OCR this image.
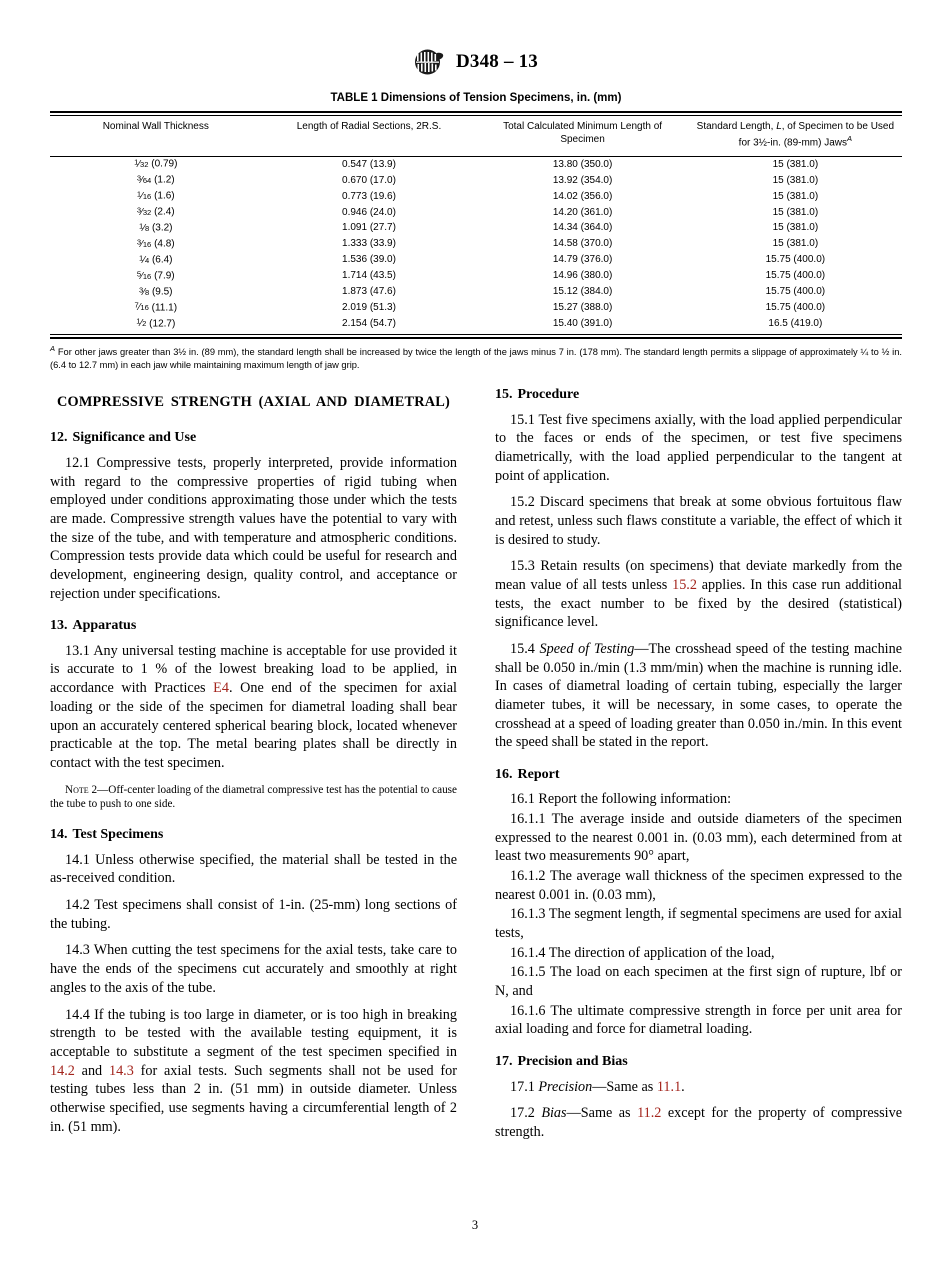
D348 – 13
TABLE 1 Dimensions of Tension Specimens, in. (mm)

Nominal Wall Thickness	Length of Radial Sections, 2R.S.	Total Calculated Minimum Length of Specimen	Standard Length, L, of Specimen to be Used for 3½-in. (89-mm) Jaws$^A$
$^1$⁄32 (0.79)	0.547 (13.9)	13.80 (350.0)	15 (381.0)
$^3$⁄64 (1.2)	0.670 (17.0)	13.92 (354.0)	15 (381.0)
$^1$⁄16 (1.6)	0.773 (19.6)	14.02 (356.0)	15 (381.0)
$^3$⁄32 (2.4)	0.946 (24.0)	14.20 (361.0)	15 (381.0)
$^1$⁄8 (3.2)	1.091 (27.7)	14.34 (364.0)	15 (381.0)
$^3$⁄16 (4.8)	1.333 (33.9)	14.58 (370.0)	15 (381.0)
$^1$⁄4 (6.4)	1.536 (39.0)	14.79 (376.0)	15.75 (400.0)
$^5$⁄16 (7.9)	1.714 (43.5)	14.96 (380.0)	15.75 (400.0)
$^3$⁄8 (9.5)	1.873 (47.6)	15.12 (384.0)	15.75 (400.0)
$^7$⁄16 (11.1)	2.019 (51.3)	15.27 (388.0)	15.75 (400.0)
$^1$⁄2 (12.7)	2.154 (54.7)	15.40 (391.0)	16.5 (419.0)
$^A$ For other jaws greater than 3½ in. (89 mm), the standard length shall be increased by twice the length of the jaws minus 7 in. (178 mm). The standard length permits a slippage of approximately ¼ to ½ in. (6.4 to 12.7 mm) in each jaw while maintaining maximum length of jaw grip.
COMPRESSIVE STRENGTH (AXIAL AND DIAMETRAL)
12. Significance and Use

12.1 Compressive tests, properly interpreted, provide information with regard to the compressive properties of rigid tubing when employed under conditions approximating those under which the tests are made. Compressive strength values have the potential to vary with the size of the tube, and with temperature and atmospheric conditions. Compression tests provide data which could be useful for research and development, engineering design, quality control, and acceptance or rejection under specifications.

13. Apparatus

13.1 Any universal testing machine is acceptable for use provided it is accurate to 1 % of the lowest breaking load to be applied, in accordance with Practices E4. One end of the specimen for axial loading or the side of the specimen for diametral loading shall bear upon an accurately centered spherical bearing block, located whenever practicable at the top. The metal bearing plates shall be directly in contact with the test specimen.

Note 2—Off-center loading of the diametral compressive test has the potential to cause the tube to push to one side.

14. Test Specimens

14.1 Unless otherwise specified, the material shall be tested in the as-received condition.

14.2 Test specimens shall consist of 1-in. (25-mm) long sections of the tubing.

14.3 When cutting the test specimens for the axial tests, take care to have the ends of the specimens cut accurately and smoothly at right angles to the axis of the tube.

14.4 If the tubing is too large in diameter, or is too high in breaking strength to be tested with the available testing equipment, it is acceptable to substitute a segment of the test specimen specified in 14.2 and 14.3 for axial tests. Such segments shall not be used for testing tubes less than 2 in. (51 mm) in outside diameter. Unless otherwise specified, use segments having a circumferential length of 2 in. (51 mm).

15. Procedure

15.1 Test five specimens axially, with the load applied perpendicular to the faces or ends of the specimen, or test five specimens diametrically, with the load applied perpendicular to the tangent at point of application.

15.2 Discard specimens that break at some obvious fortuitous flaw and retest, unless such flaws constitute a variable, the effect of which it is desired to study.

15.3 Retain results (on specimens) that deviate markedly from the mean value of all tests unless 15.2 applies. In this case run additional tests, the exact number to be fixed by the desired (statistical) significance level.

15.4 Speed of Testing—The crosshead speed of the testing machine shall be 0.050 in./min (1.3 mm/min) when the machine is running idle. In cases of diametral loading of certain tubing, especially the larger diameter tubes, it will be necessary, in some cases, to operate the crosshead at a speed of loading greater than 0.050 in./min. In this event the speed shall be stated in the report.

16. Report

16.1 Report the following information:

16.1.1 The average inside and outside diameters of the specimen expressed to the nearest 0.001 in. (0.03 mm), each determined from at least two measurements 90° apart,

16.1.2 The average wall thickness of the specimen expressed to the nearest 0.001 in. (0.03 mm),

16.1.3 The segment length, if segmental specimens are used for axial tests,

16.1.4 The direction of application of the load,

16.1.5 The load on each specimen at the first sign of rupture, lbf or N, and

16.1.6 The ultimate compressive strength in force per unit area for axial loading and force for diametral loading.

17. Precision and Bias

17.1 Precision—Same as 11.1.

17.2 Bias—Same as 11.2 except for the property of compressive strength.

3
